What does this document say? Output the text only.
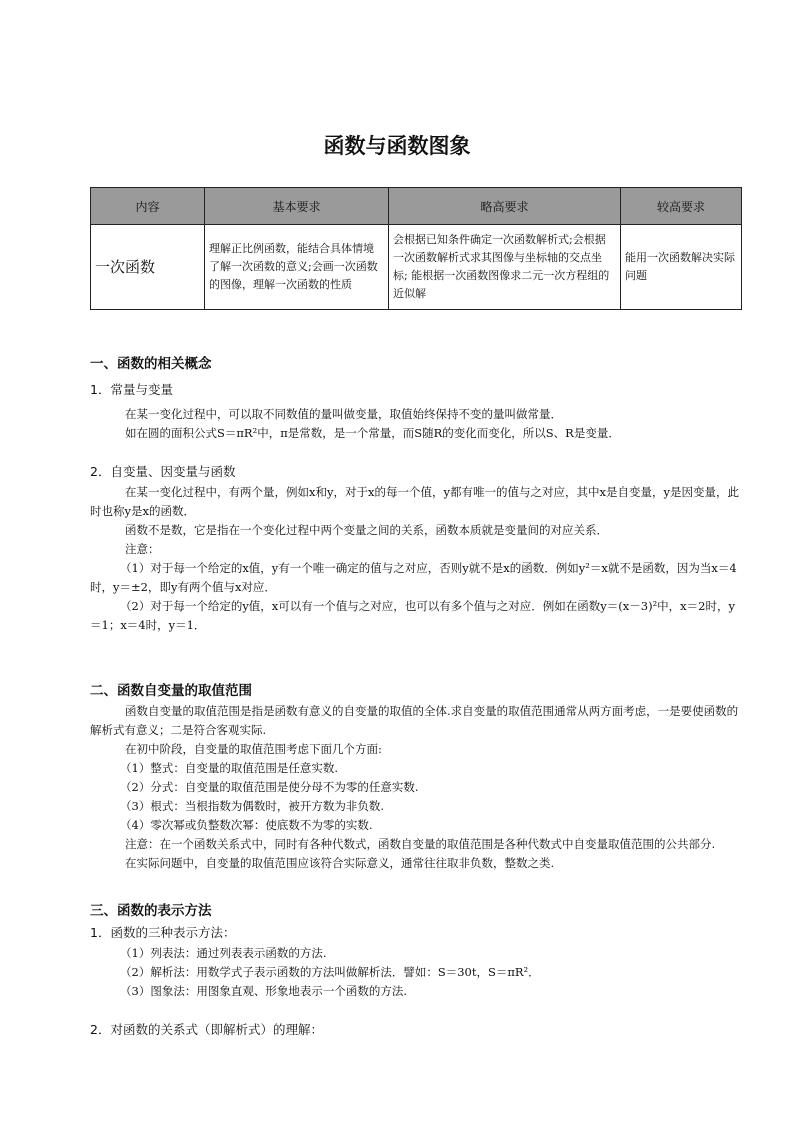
函数与函数图象
内容	基本要求	略高要求	较高要求
一次函数	理解正比例函数，能结合具体情境了解一次函数的意义;会画一次函数的图像，理解一次函数的性质	会根据已知条件确定一次函数解析式;会根据一次函数解析式求其图像与坐标轴的交点坐标; 能根据一次函数图像求二元一次方程组的近似解	能用一次函数解决实际问题

一、函数的相关概念

1．常量与变量

在某一变化过程中，可以取不同数值的量叫做变量，取值始终保持不变的量叫做常量．

如在圆的面积公式S＝πR²中，π是常数，是一个常量，而S随R的变化而变化，所以S、R是变量．

2．自变量、因变量与函数

在某一变化过程中，有两个量，例如x和y，对于x的每一个值，y都有唯一的值与之对应，其中x是自变量，y是因变量，此时也称y是x的函数．

函数不是数，它是指在一个变化过程中两个变量之间的关系，函数本质就是变量间的对应关系．

注意：

（1）对于每一个给定的x值，y有一个唯一确定的值与之对应，否则y就不是x的函数．例如y²＝x就不是函数，因为当x＝4时，y＝±2，即y有两个值与x对应．

（2）对于每一个给定的y值，x可以有一个值与之对应，也可以有多个值与之对应．例如在函数y＝(x－3)²中，x＝2时，y＝1；x＝4时，y＝1．

二、函数自变量的取值范围

函数自变量的取值范围是指是函数有意义的自变量的取值的全体.求自变量的取值范围通常从两方面考虑，一是要使函数的解析式有意义；二是符合客观实际.

在初中阶段，自变量的取值范围考虑下面几个方面:

（1）整式：自变量的取值范围是任意实数.

（2）分式：自变量的取值范围是使分母不为零的任意实数.

（3）根式：当根指数为偶数时，被开方数为非负数.

（4）零次幂或负整数次幂：使底数不为零的实数.

注意：在一个函数关系式中，同时有各种代数式，函数自变量的取值范围是各种代数式中自变量取值范围的公共部分.

在实际问题中，自变量的取值范围应该符合实际意义，通常往往取非负数，整数之类.

三、函数的表示方法

1．函数的三种表示方法：

（1）列表法：通过列表表示函数的方法.

（2）解析法：用数学式子表示函数的方法叫做解析法．譬如：S＝30t，S＝πR²．

（3）图象法：用图象直观、形象地表示一个函数的方法.

2．对函数的关系式（即解析式）的理解：
